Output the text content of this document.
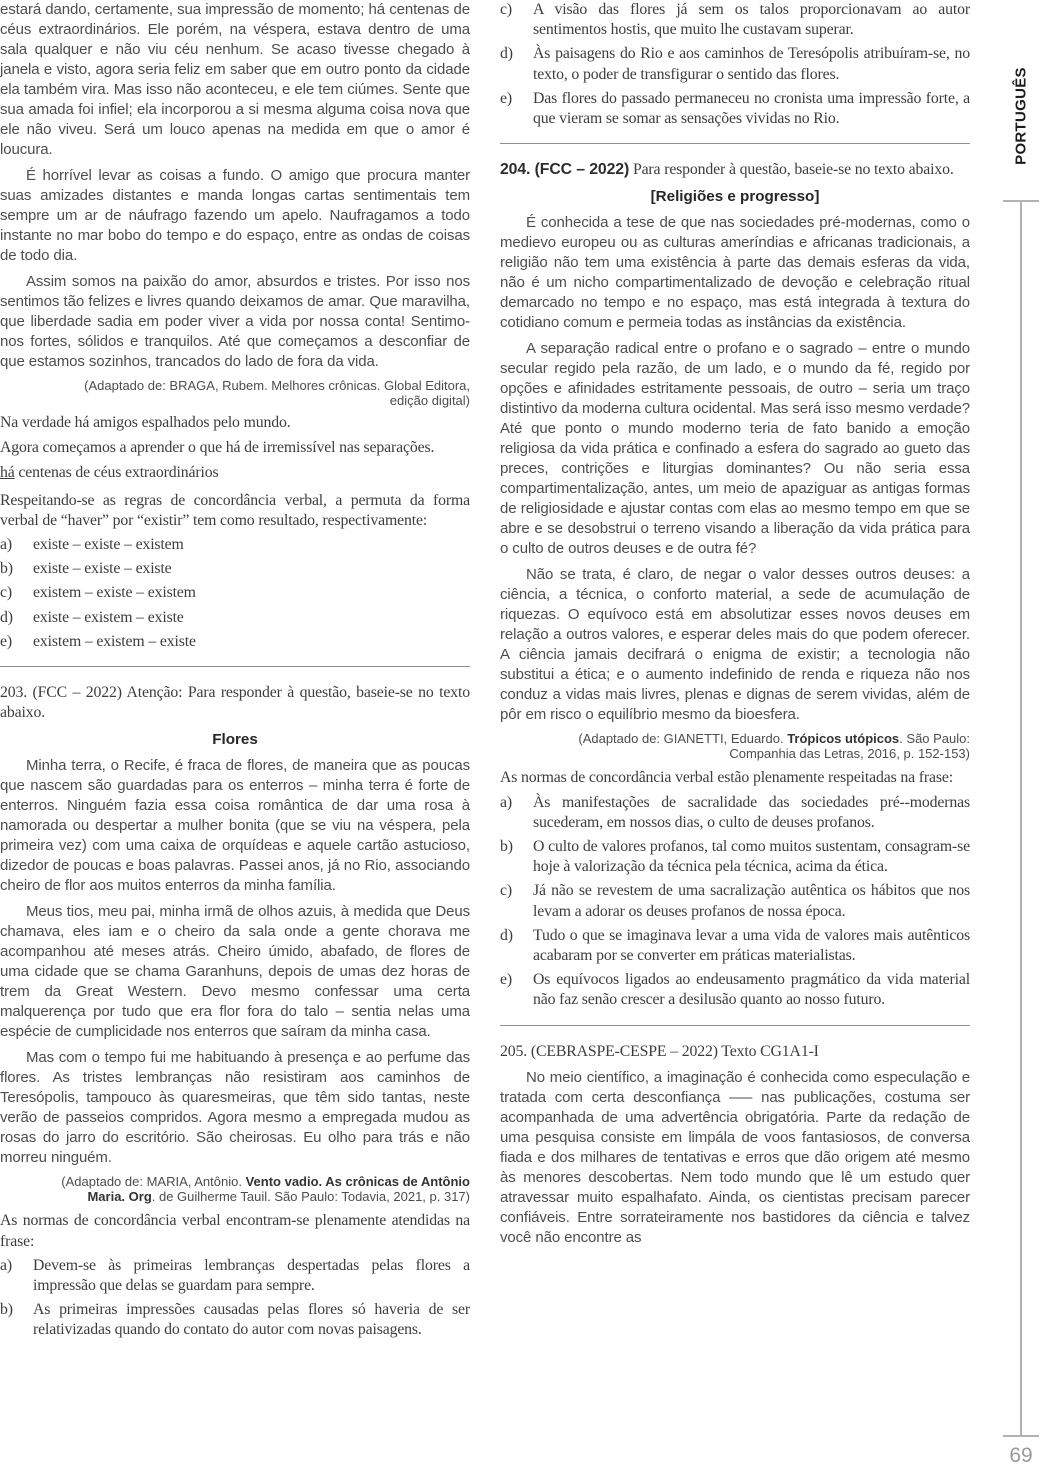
estará dando, certamente, sua impressão de momento; há centenas de céus extraordinários. Ele porém, na véspera, estava dentro de uma sala qualquer e não viu céu nenhum. Se acaso tivesse chegado à janela e visto, agora seria feliz em saber que em outro ponto da cidade ela também vira. Mas isso não aconteceu, e ele tem ciúmes. Sente que sua amada foi infiel; ela incorporou a si mesma alguma coisa nova que ele não viveu. Será um louco apenas na medida em que o amor é loucura.

É horrível levar as coisas a fundo. O amigo que procura manter suas amizades distantes e manda longas cartas sentimentais tem sempre um ar de náufrago fazendo um apelo. Naufragamos a todo instante no mar bobo do tempo e do espaço, entre as ondas de coisas de todo dia.

Assim somos na paixão do amor, absurdos e tristes. Por isso nos sentimos tão felizes e livres quando deixamos de amar. Que maravilha, que liberdade sadia em poder viver a vida por nossa conta! Sentimo-nos fortes, sólidos e tranquilos. Até que começamos a desconfiar de que estamos sozinhos, trancados do lado de fora da vida.

(Adaptado de: BRAGA, Rubem. Melhores crônicas. Global Editora, edição digital)

Na verdade há amigos espalhados pelo mundo.

Agora começamos a aprender o que há de irremissível nas separações.

há centenas de céus extraordinários

Respeitando-se as regras de concordância verbal, a permuta da forma verbal de “haver” por “existir” tem como resultado, respectivamente:

a)	existe – existe – existem
b)	existe – existe – existe
c)	existem – existe – existem
d)	existe – existem – existe
e)	existem – existem – existe

203. (FCC – 2022) Atenção: Para responder à questão, baseie-se no texto abaixo.

Flores

Minha terra, o Recife, é fraca de flores, de maneira que as poucas que nascem são guardadas para os enterros – minha terra é forte de enterros. Ninguém fazia essa coisa romântica de dar uma rosa à namorada ou despertar a mulher bonita (que se viu na véspera, pela primeira vez) com uma caixa de orquídeas e aquele cartão astucioso, dizedor de poucas e boas palavras. Passei anos, já no Rio, associando cheiro de flor aos muitos enterros da minha família.

Meus tios, meu pai, minha irmã de olhos azuis, à medida que Deus chamava, eles iam e o cheiro da sala onde a gente chorava me acompanhou até meses atrás. Cheiro úmido, abafado, de flores de uma cidade que se chama Garanhuns, depois de umas dez horas de trem da Great Western. Devo mesmo confessar uma certa malquerença por tudo que era flor fora do talo – sentia nelas uma espécie de cumplicidade nos enterros que saíram da minha casa.

Mas com o tempo fui me habituando à presença e ao perfume das flores. As tristes lembranças não resistiram aos caminhos de Teresópolis, tampouco às quaresmeiras, que têm sido tantas, neste verão de passeios compridos. Agora mesmo a empregada mudou as rosas do jarro do escritório. São cheirosas. Eu olho para trás e não morreu ninguém.

(Adaptado de: MARIA, Antônio. Vento vadio. As crônicas de Antônio Maria. Org. de Guilherme Tauil. São Paulo: Todavia, 2021, p. 317)

As normas de concordância verbal encontram-se plenamente atendidas na frase:

a)	Devem-se às primeiras lembranças despertadas pelas flores a impressão que delas se guardam para sempre.
b)	As primeiras impressões causadas pelas flores só haveria de ser relativizadas quando do contato do autor com novas paisagens.
c)	A visão das flores já sem os talos proporcionavam ao autor sentimentos hostis, que muito lhe custavam superar.
d)	Às paisagens do Rio e aos caminhos de Teresópolis atribuíram-se, no texto, o poder de transfigurar o sentido das flores.
e)	Das flores do passado permaneceu no cronista uma impressão forte, a que vieram se somar as sensações vividas no Rio.

204. (FCC – 2022) Para responder à questão, baseie-se no texto abaixo.

[Religiões e progresso]

É conhecida a tese de que nas sociedades pré-modernas, como o medievo europeu ou as culturas ameríndias e africanas tradicionais, a religião não tem uma existência à parte das demais esferas da vida, não é um nicho compartimentalizado de devoção e celebração ritual demarcado no tempo e no espaço, mas está integrada à textura do cotidiano comum e permeia todas as instâncias da existência.

A separação radical entre o profano e o sagrado – entre o mundo secular regido pela razão, de um lado, e o mundo da fé, regido por opções e afinidades estritamente pessoais, de outro – seria um traço distintivo da moderna cultura ocidental. Mas será isso mesmo verdade? Até que ponto o mundo moderno teria de fato banido a emoção religiosa da vida prática e confinado a esfera do sagrado ao gueto das preces, contrições e liturgias dominantes? Ou não seria essa compartimentalização, antes, um meio de apaziguar as antigas formas de religiosidade e ajustar contas com elas ao mesmo tempo em que se abre e se desobstrui o terreno visando a liberação da vida prática para o culto de outros deuses e de outra fé?

Não se trata, é claro, de negar o valor desses outros deuses: a ciência, a técnica, o conforto material, a sede de acumulação de riquezas. O equívoco está em absolutizar esses novos deuses em relação a outros valores, e esperar deles mais do que podem oferecer. A ciência jamais decifrará o enigma de existir; a tecnologia não substitui a ética; e o aumento indefinido de renda e riqueza não nos conduz a vidas mais livres, plenas e dignas de serem vividas, além de pôr em risco o equilíbrio mesmo da bioesfera.

(Adaptado de: GIANETTI, Eduardo. Trópicos utópicos. São Paulo: Companhia das Letras, 2016, p. 152-153)

As normas de concordância verbal estão plenamente respeitadas na frase:

a)	Às manifestações de sacralidade das sociedades pré--modernas sucederam, em nossos dias, o culto de deuses profanos.
b)	O culto de valores profanos, tal como muitos sustentam, consagram-se hoje à valorização da técnica pela técnica, acima da ética.
c)	Já não se revestem de uma sacralização autêntica os hábitos que nos levam a adorar os deuses profanos de nossa época.
d)	Tudo o que se imaginava levar a uma vida de valores mais autênticos acabaram por se converter em práticas materialistas.
e)	Os equívocos ligados ao endeusamento pragmático da vida material não faz senão crescer a desilusão quanto ao nosso futuro.

205. (CEBRASPE-CESPE – 2022) Texto CG1A1-I

No meio científico, a imaginação é conhecida como especulação e tratada com certa desconfiança –— nas publicações, costuma ser acompanhada de uma advertência obrigatória. Parte da redação de uma pesquisa consiste em limpála de voos fantasiosos, de conversa fiada e dos milhares de tentativas e erros que dão origem até mesmo às menores descobertas. Nem todo mundo que lê um estudo quer atravessar muito espalhafato. Ainda, os cientistas precisam parecer confiáveis. Entre sorrateiramente nos bastidores da ciência e talvez você não encontre as

PORTUGUÊS
69
